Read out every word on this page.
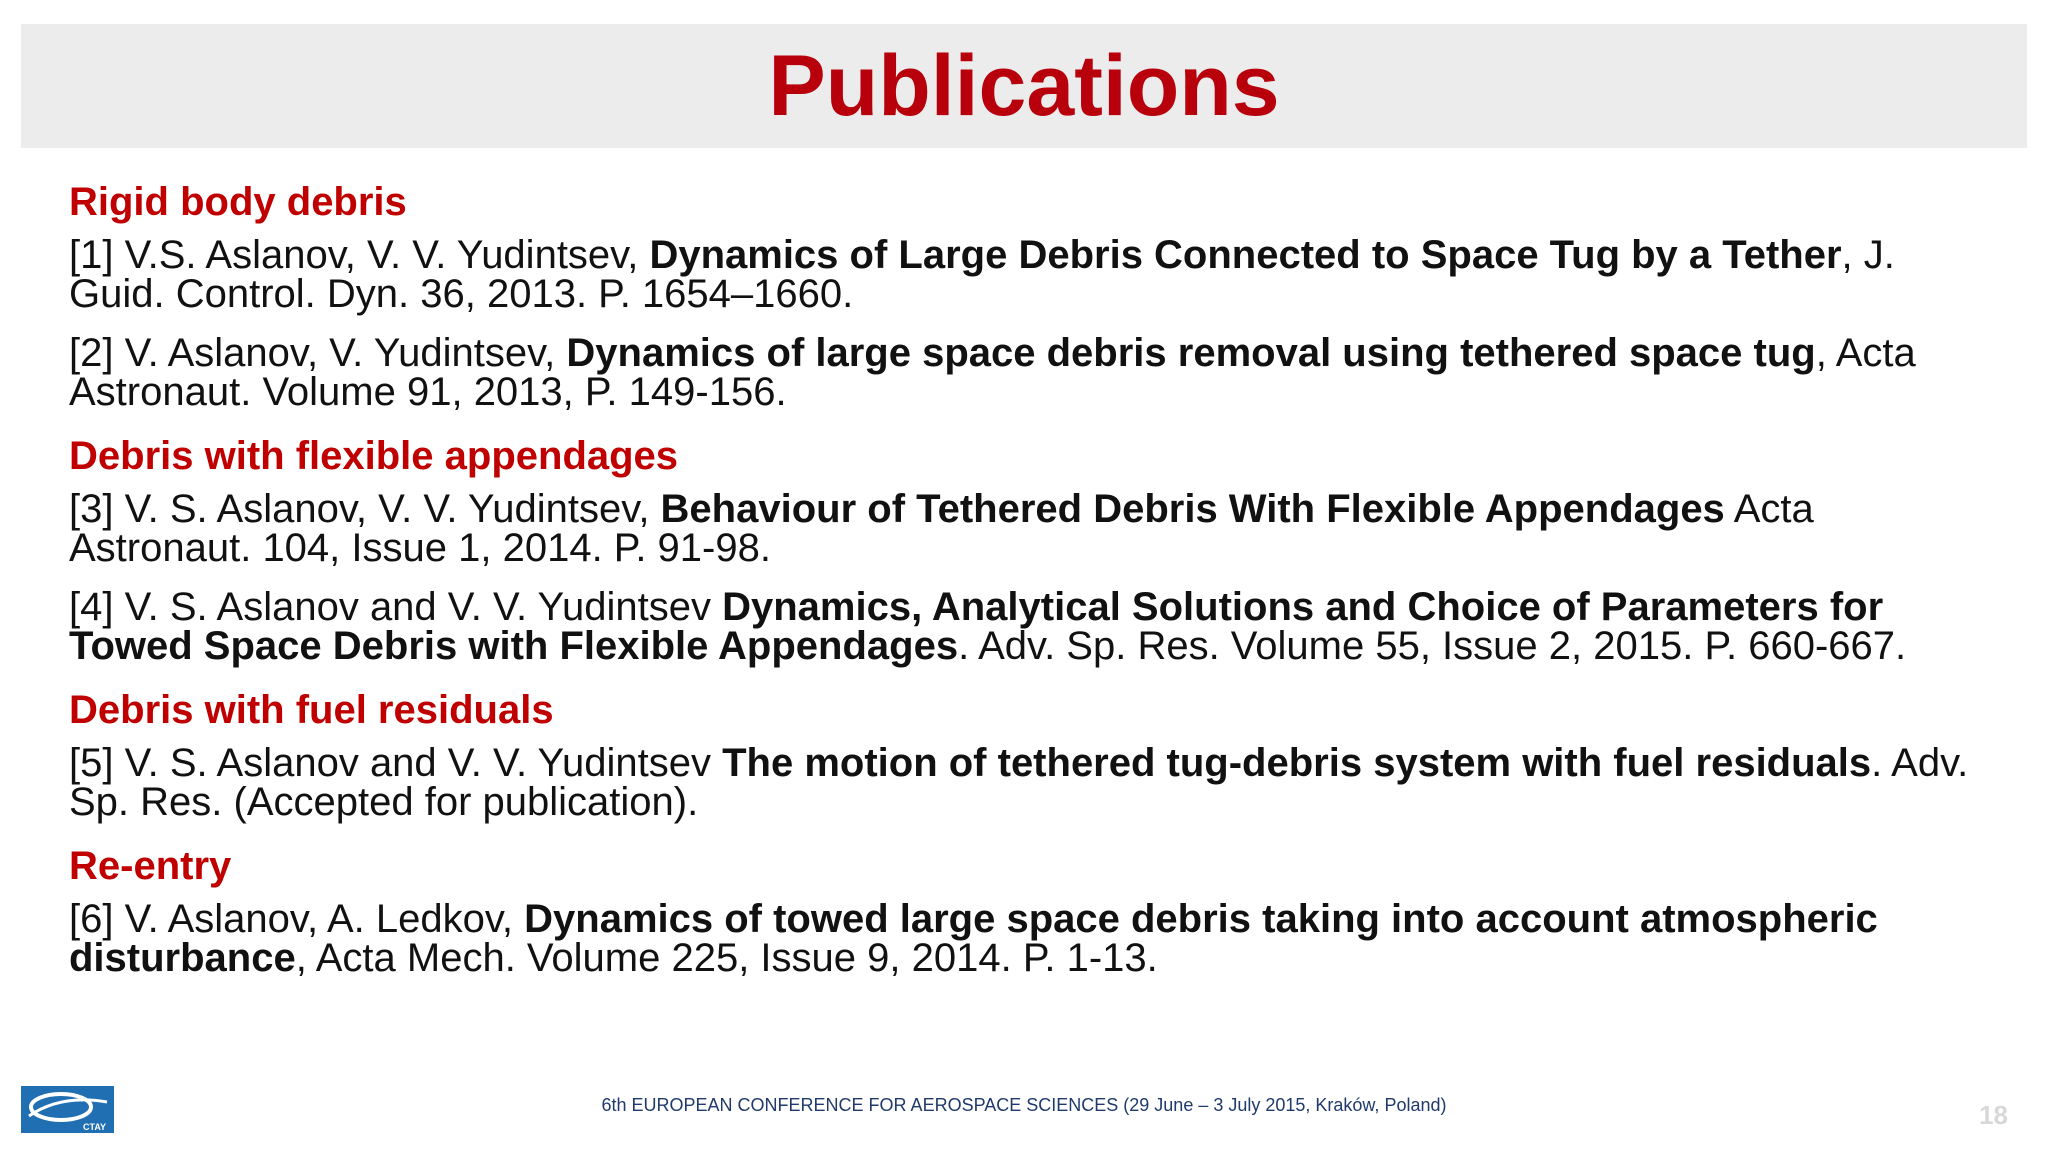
Publications
Rigid body debris
[1] V.S. Aslanov, V. V. Yudintsev, Dynamics of Large Debris Connected to Space Tug by a Tether, J. Guid. Control. Dyn. 36, 2013. P. 1654–1660.
[2] V. Aslanov, V. Yudintsev, Dynamics of large space debris removal using tethered space tug, Acta Astronaut. Volume 91, 2013, P. 149-156.
Debris with flexible appendages
[3] V. S. Aslanov, V. V. Yudintsev, Behaviour of Tethered Debris With Flexible Appendages Acta Astronaut. 104, Issue 1, 2014. P. 91-98.
[4] V. S. Aslanov and V. V. Yudintsev Dynamics, Analytical Solutions and Choice of Parameters for Towed Space Debris with Flexible Appendages. Adv. Sp. Res. Volume 55, Issue 2, 2015. P. 660-667.
Debris with fuel residuals
[5] V. S. Aslanov and V. V. Yudintsev The motion of tethered tug-debris system with fuel residuals. Adv. Sp. Res. (Accepted for publication).
Re-entry
[6] V. Aslanov, A. Ledkov, Dynamics of towed large space debris taking into account atmospheric disturbance, Acta Mech. Volume 225, Issue 9, 2014. P. 1-13.
CTAY
6th EUROPEAN CONFERENCE FOR AEROSPACE SCIENCES (29 June – 3 July 2015, Kraków, Poland)	18
